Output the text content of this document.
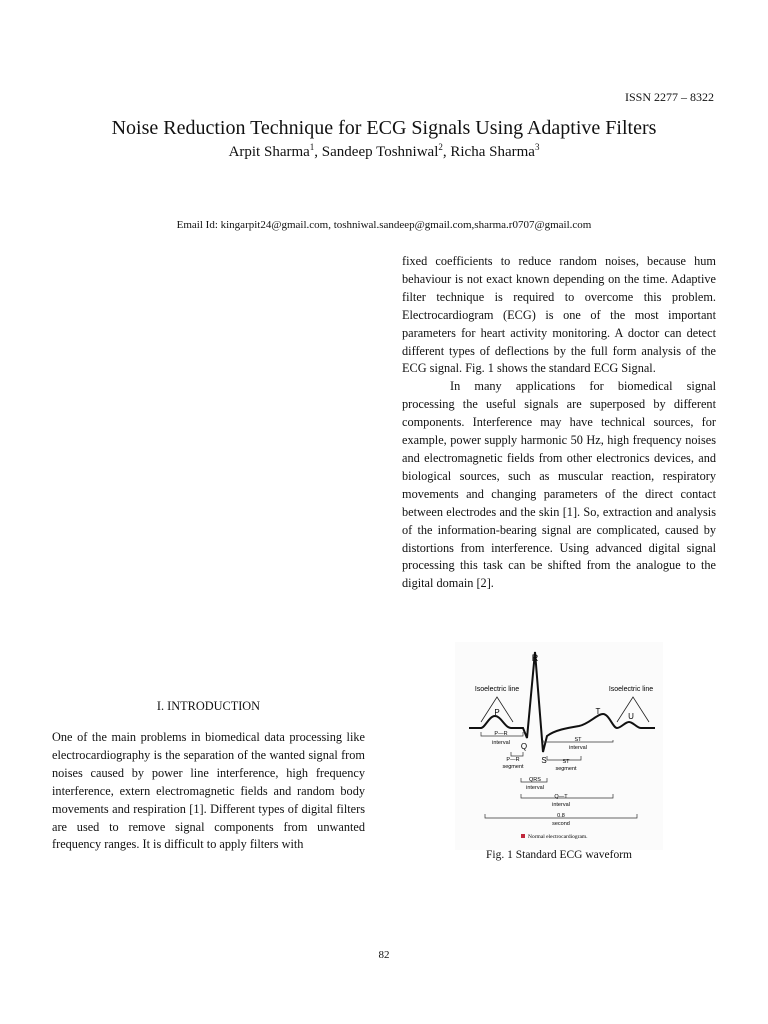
ISSN 2277 – 8322
Noise Reduction Technique for ECG Signals Using Adaptive Filters
Arpit Sharma$^1$, Sandeep Toshniwal$^2$, Richa Sharma$^3$
Email Id: kingarpit24@gmail.com, toshniwal.sandeep@gmail.com,sharma.r0707@gmail.com

fixed coefficients to reduce random noises, because hum behaviour is not exact known depending on the time. Adaptive filter technique is required to overcome this problem. Electrocardiogram (ECG) is one of the most important parameters for heart activity monitoring. A doctor can detect different types of deflections by the full form analysis of the ECG signal. Fig. 1 shows the standard ECG Signal.

In many applications for biomedical signal processing the useful signals are superposed by different components. Interference may have technical sources, for example, power supply harmonic 50 Hz, high frequency noises and electromagnetic fields from other electronics devices, and biological sources, such as muscular reaction, respiratory movements and changing parameters of the direct contact between electrodes and the skin [1]. So, extraction and analysis of the information-bearing signal are complicated, caused by distortions from interference. Using advanced digital signal processing this task can be shifted from the analogue to the digital domain [2].

I. INTRODUCTION

One of the main problems in biomedical data processing like electrocardiography is the separation of the wanted signal from noises caused by power line interference, high frequency interference, extern electromagnetic fields and random body movements and respiration [1]. Different types of digital filters are used to remove signal components from unwanted frequency ranges. It is difficult to apply filters with

R
P
Q
S
T
U
Isoelectric line	Isoelectric line
P—R
interval
P—R
segment
ST
interval
ST
segment
QRS
interval
Q—T
interval
0.8
second
Normal electrocardiogram.
Fig. 1 Standard ECG waveform
82
